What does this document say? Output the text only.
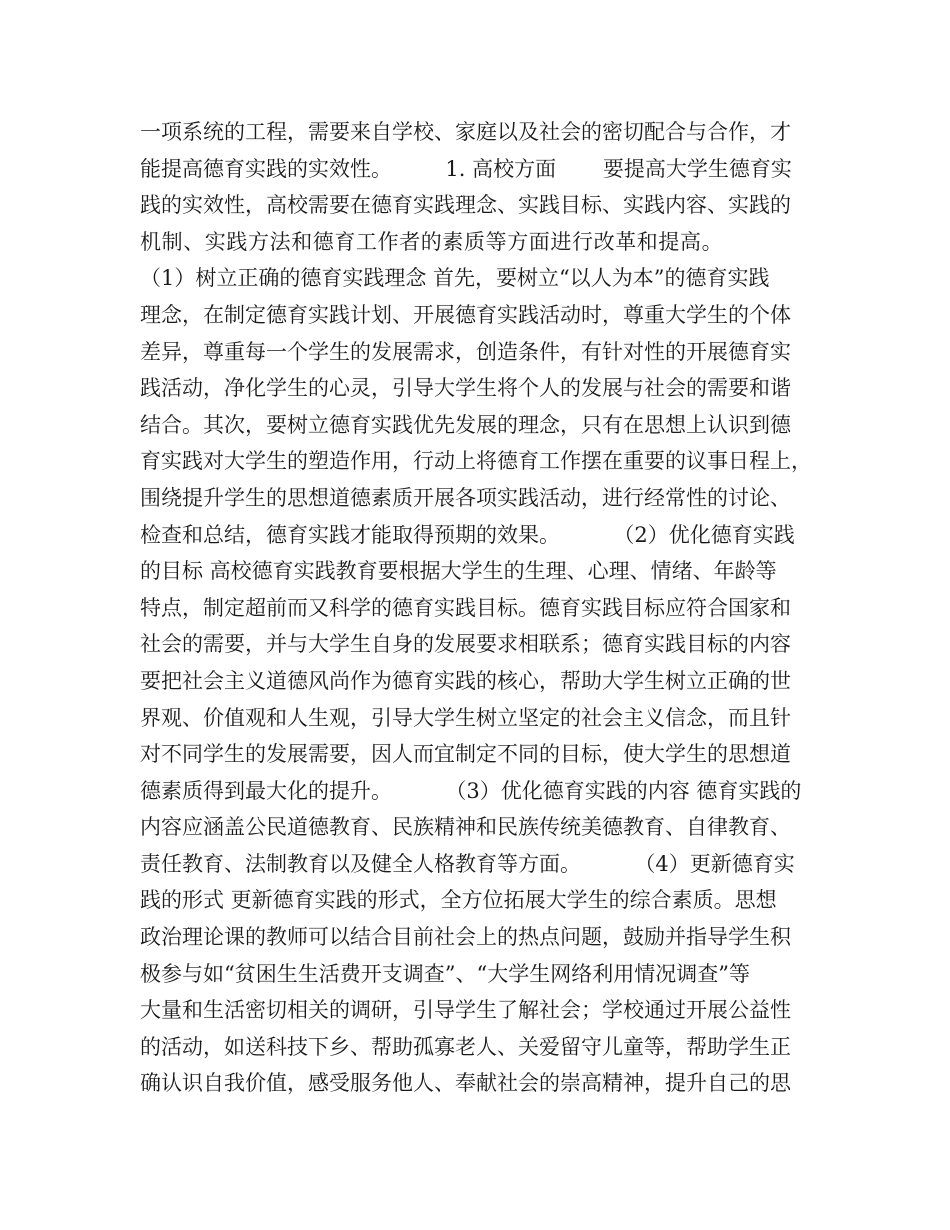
一项系统的工程，需要来自学校、家庭以及社会的密切配合与合作，才
能提高德育实践的实效性。        1. 高校方面       要提高大学生德育实
践的实效性，高校需要在德育实践理念、实践目标、实践内容、实践的
机制、实践方法和德育工作者的素质等方面进行改革和提高。
（1）树立正确的德育实践理念 首先，要树立“以人为本”的德育实践
理念，在制定德育实践计划、开展德育实践活动时，尊重大学生的个体
差异，尊重每一个学生的发展需求，创造条件，有针对性的开展德育实
践活动，净化学生的心灵，引导大学生将个人的发展与社会的需要和谐
结合。其次，要树立德育实践优先发展的理念，只有在思想上认识到德
育实践对大学生的塑造作用，行动上将德育工作摆在重要的议事日程上，
围绕提升学生的思想道德素质开展各项实践活动，进行经常性的讨论、
检查和总结，德育实践才能取得预期的效果。        （2）优化德育实践
的目标 高校德育实践教育要根据大学生的生理、心理、情绪、年龄等
特点，制定超前而又科学的德育实践目标。德育实践目标应符合国家和
社会的需要，并与大学生自身的发展要求相联系；德育实践目标的内容
要把社会主义道德风尚作为德育实践的核心，帮助大学生树立正确的世
界观、价值观和人生观，引导大学生树立坚定的社会主义信念，而且针
对不同学生的发展需要，因人而宜制定不同的目标，使大学生的思想道
德素质得到最大化的提升。        （3）优化德育实践的内容 德育实践的
内容应涵盖公民道德教育、民族精神和民族传统美德教育、自律教育、
责任教育、法制教育以及健全人格教育等方面。        （4）更新德育实
践的形式 更新德育实践的形式，全方位拓展大学生的综合素质。思想
政治理论课的教师可以结合目前社会上的热点问题，鼓励并指导学生积
极参与如“贫困生生活费开支调查”、“大学生网络利用情况调查”等
大量和生活密切相关的调研，引导学生了解社会；学校通过开展公益性
的活动，如送科技下乡、帮助孤寡老人、关爱留守儿童等，帮助学生正
确认识自我价值，感受服务他人、奉献社会的崇高精神，提升自己的思
